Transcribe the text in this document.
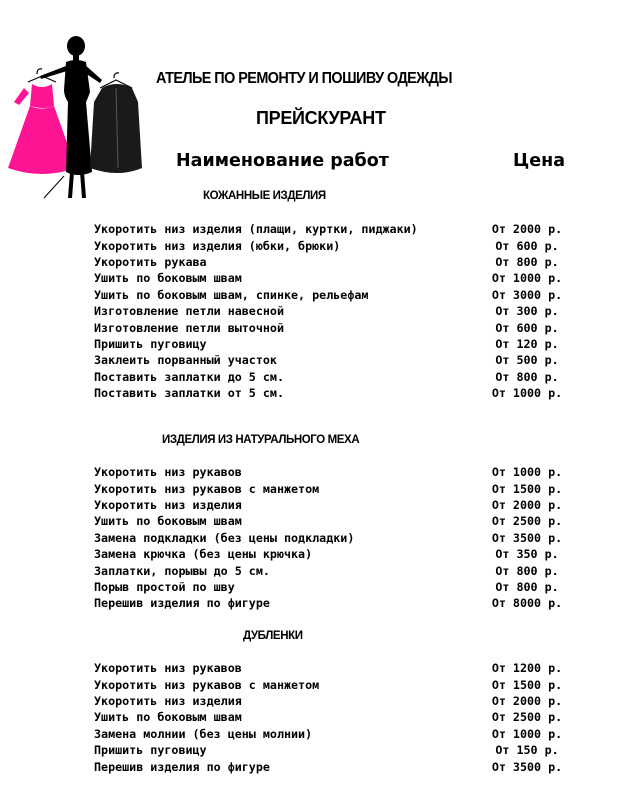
АТЕЛЬЕ ПО РЕМОНТУ И ПОШИВУ ОДЕЖДЫ
ПРЕЙСКУРАНТ
Наименование работ	Цена
КОЖАННЫЕ ИЗДЕЛИЯ
Укоротить низ изделия (плащи, куртки, пиджаки)	От 2000 р.
Укоротить низ изделия (юбки, брюки)	От 600 р.
Укоротить рукава	От 800 р.
Ушить по боковым швам	От 1000 р.
Ушить по боковым швам, спинке, рельефам	От 3000 р.
Изготовление петли навесной	От 300 р.
Изготовление петли выточной	От 600 р.
Пришить пуговицу	От 120 р.
Заклеить порванный участок	От 500 р.
Поставить заплатки до 5 см.	От 800 р.
Поставить заплатки от 5 см.	От 1000 р.
ИЗДЕЛИЯ ИЗ НАТУРАЛЬНОГО МЕХА
Укоротить низ рукавов	От 1000 р.
Укоротить низ рукавов с манжетом	От 1500 р.
Укоротить низ изделия	От 2000 р.
Ушить по боковым швам	От 2500 р.
Замена подкладки (без цены подкладки)	От 3500 р.
Замена крючка (без цены крючка)	От 350 р.
Заплатки, порывы до 5 см.	От 800 р.
Порыв простой по шву	От 800 р.
Перешив изделия по фигуре	От 8000 р.
ДУБЛЕНКИ
Укоротить низ рукавов	От 1200 р.
Укоротить низ рукавов с манжетом	От 1500 р.
Укоротить низ изделия	От 2000 р.
Ушить по боковым швам	От 2500 р.
Замена молнии (без цены молнии)	От 1000 р.
Пришить пуговицу	От 150 р.
Перешив изделия по фигуре	От 3500 р.
